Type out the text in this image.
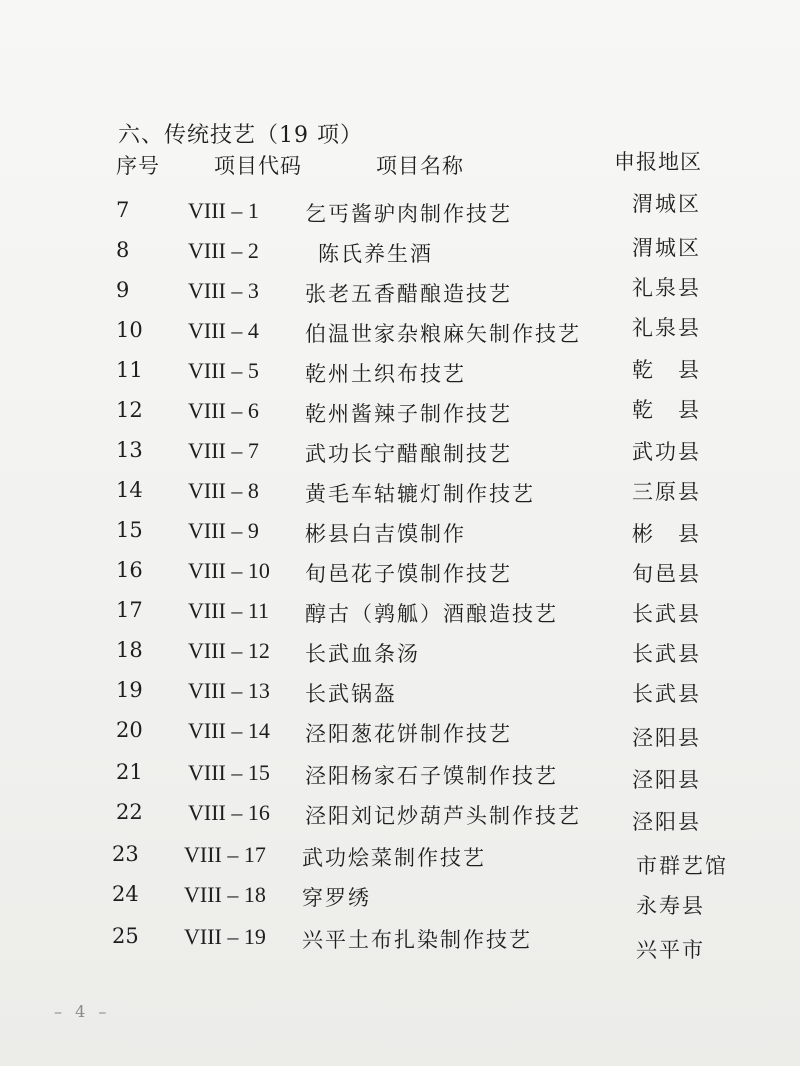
六、传统技艺（19 项）
序号	项目代码	项目名称	申报地区
7	VIII – 1 乞丐酱驴肉制作技艺	渭城区
8	VIII – 2	陈氏养生酒	渭城区
9	VIII – 3 张老五香醋酿造技艺	礼泉县
10 VIII – 4 伯温世家杂粮麻矢制作技艺 礼泉县
11 VIII – 5 乾州土织布技艺	乾　县
12 VIII – 6 乾州酱辣子制作技艺	乾　县
13 VIII – 7 武功长宁醋酿制技艺	武功县
14 VIII – 8 黄毛车轱辘灯制作技艺	三原县
15 VIII – 9 彬县白吉馍制作	彬　县
16 VIII – 10 旬邑花子馍制作技艺	旬邑县
17 VIII – 11 醇古（鹑觚）酒酿造技艺	长武县
18 VIII – 12 长武血条汤	长武县
19 VIII – 13 长武锅盔	长武县
20 VIII – 14 泾阳葱花饼制作技艺	泾阳县
21 VIII – 15 泾阳杨家石子馍制作技艺	泾阳县
22 VIII – 16 泾阳刘记炒葫芦头制作技艺 泾阳县
23 VIII – 17 武功烩菜制作技艺	市群艺馆
24 VIII – 18 穿罗绣	永寿县
25 VIII – 19 兴平土布扎染制作技艺	兴平市
– 4 –
